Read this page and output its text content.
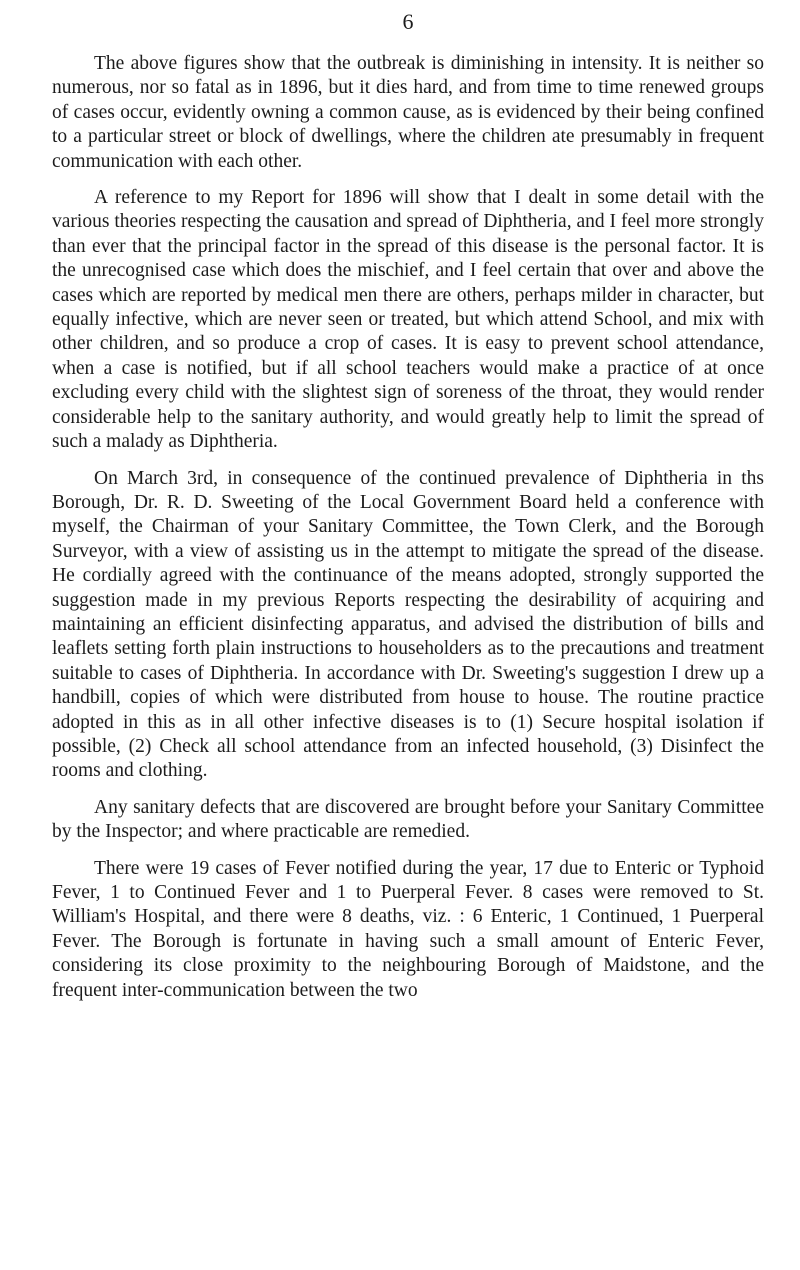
6

The above figures show that the outbreak is diminishing in intensity. It is neither so numerous, nor so fatal as in 1896, but it dies hard, and from time to time renewed groups of cases occur, evidently owning a common cause, as is evidenced by their being confined to a particular street or block of dwellings, where the children ate presumably in frequent communication with each other.

A reference to my Report for 1896 will show that I dealt in some detail with the various theories respecting the causation and spread of Diphtheria, and I feel more strongly than ever that the principal factor in the spread of this disease is the personal factor. It is the unrecognised case which does the mischief, and I feel certain that over and above the cases which are reported by medical men there are others, perhaps milder in character, but equally infective, which are never seen or treated, but which attend School, and mix with other children, and so produce a crop of cases. It is easy to prevent school attendance, when a case is notified, but if all school teachers would make a practice of at once excluding every child with the slightest sign of soreness of the throat, they would render considerable help to the sanitary authority, and would greatly help to limit the spread of such a malady as Diphtheria.

On March 3rd, in consequence of the continued prevalence of Diphtheria in ths Borough, Dr. R. D. Sweeting of the Local Government Board held a conference with myself, the Chairman of your Sanitary Committee, the Town Clerk, and the Borough Surveyor, with a view of assisting us in the attempt to mitigate the spread of the disease. He cordially agreed with the continuance of the means adopted, strongly supported the suggestion made in my previous Reports respecting the desirability of acquiring and maintaining an efficient disinfecting apparatus, and advised the distribution of bills and leaflets setting forth plain instructions to householders as to the precautions and treatment suitable to cases of Diphtheria. In accordance with Dr. Sweeting's suggestion I drew up a handbill, copies of which were distributed from house to house. The routine practice adopted in this as in all other infective diseases is to (1) Secure hospital isolation if possible, (2) Check all school attendance from an infected household, (3) Disinfect the rooms and clothing.

Any sanitary defects that are discovered are brought before your Sanitary Committee by the Inspector; and where practicable are remedied.

There were 19 cases of Fever notified during the year, 17 due to Enteric or Typhoid Fever, 1 to Continued Fever and 1 to Puerperal Fever. 8 cases were removed to St. William's Hospital, and there were 8 deaths, viz. : 6 Enteric, 1 Continued, 1 Puerperal Fever. The Borough is fortunate in having such a small amount of Enteric Fever, considering its close proximity to the neighbouring Borough of Maidstone, and the frequent inter-communication between the two
